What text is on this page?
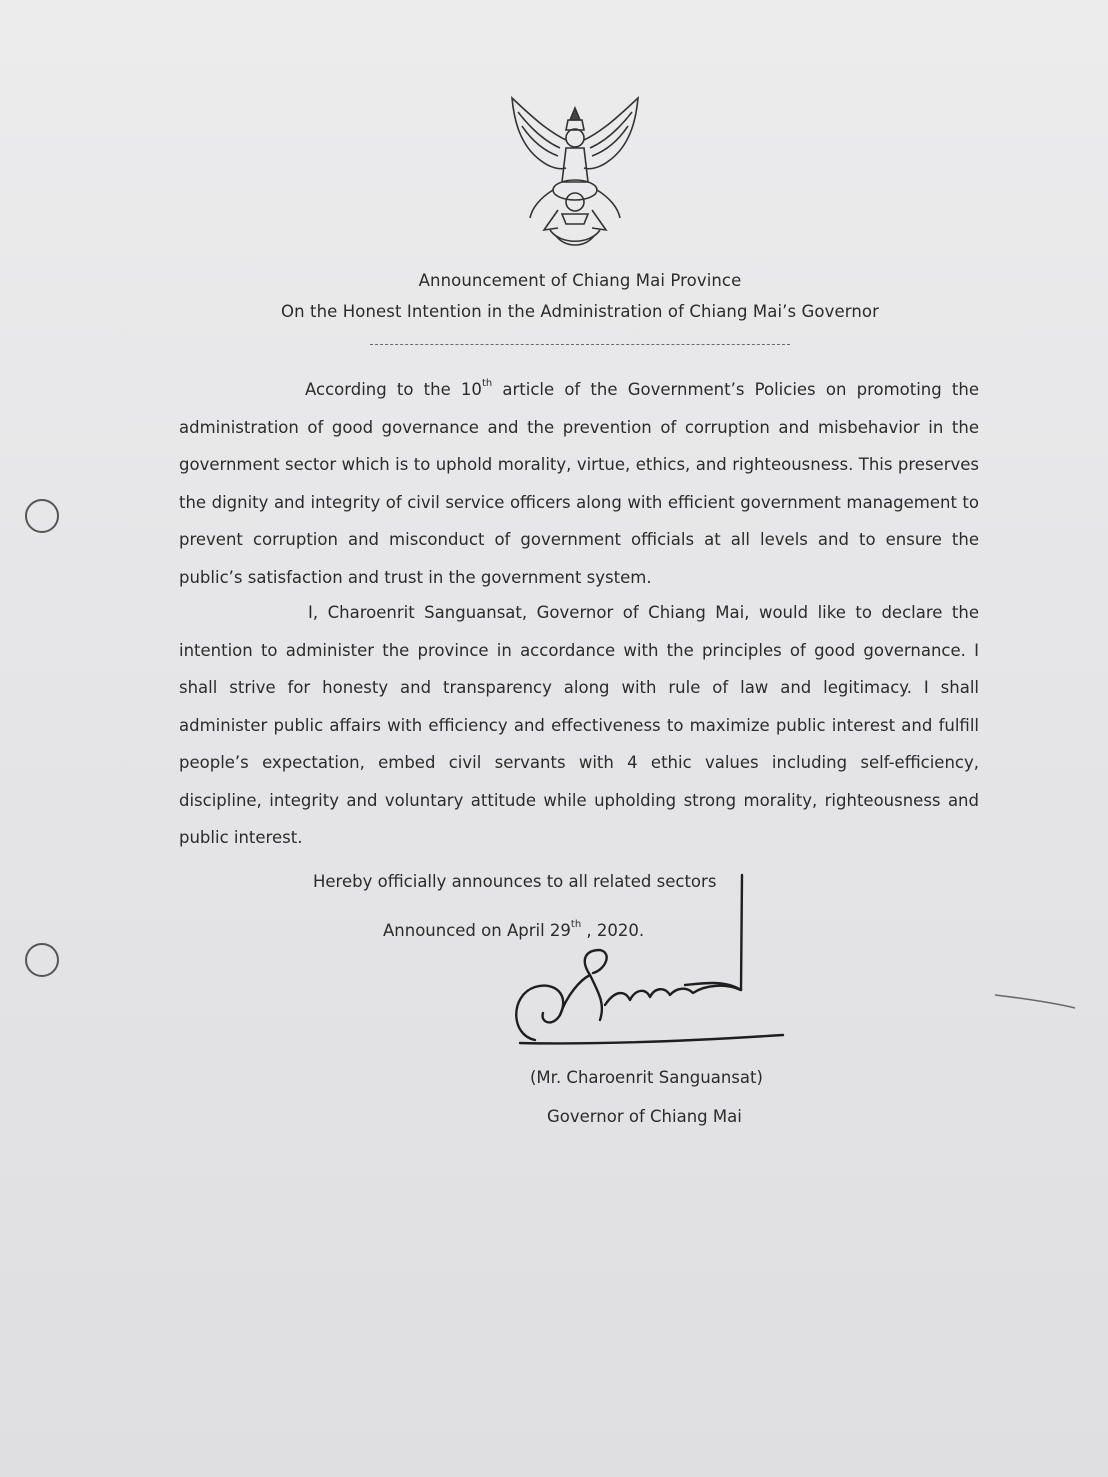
Announcement of Chiang Mai Province
On the Honest Intention in the Administration of Chiang Mai’s Governor
According to the 10th article of the Government’s Policies on promoting the administration of good governance and the prevention of corruption and misbehavior in the government sector which is to uphold morality, virtue, ethics, and righteousness. This preserves the dignity and integrity of civil service officers along with efficient government management to prevent corruption and misconduct of government officials at all levels and to ensure the public’s satisfaction and trust in the government system.
I, Charoenrit Sanguansat, Governor of Chiang Mai, would like to declare the intention to administer the province in accordance with the principles of good governance. I shall strive for honesty and transparency along with rule of law and legitimacy. I shall administer public affairs with efficiency and effectiveness to maximize public interest and fulfill people’s expectation, embed civil servants with 4 ethic values including self-efficiency, discipline, integrity and voluntary attitude while upholding strong morality, righteousness and public interest.
Hereby officially announces to all related sectors
Announced on April 29th , 2020.
(Mr. Charoenrit Sanguansat)
Governor of Chiang Mai
